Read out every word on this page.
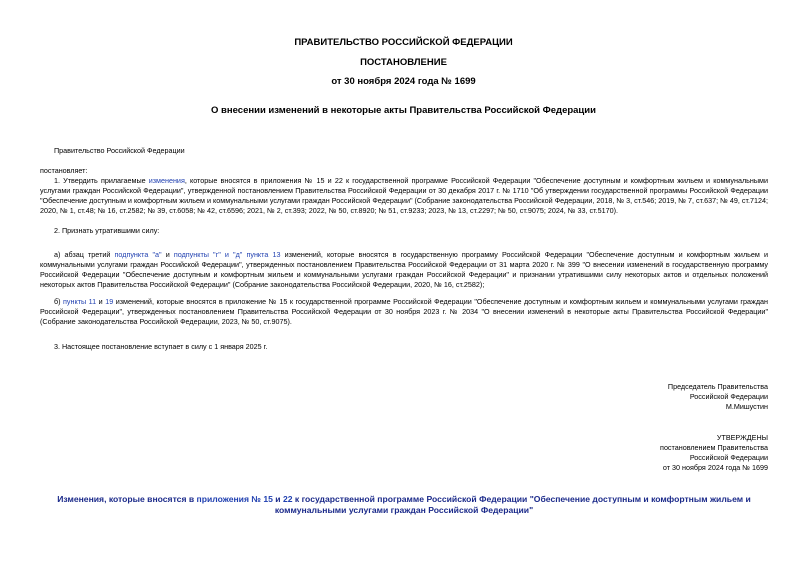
ПРАВИТЕЛЬСТВО РОССИЙСКОЙ ФЕДЕРАЦИИ
ПОСТАНОВЛЕНИЕ
от 30 ноября 2024 года № 1699
О внесении изменений в некоторые акты Правительства Российской Федерации
Правительство Российской Федерации
постановляет:
1. Утвердить прилагаемые изменения, которые вносятся в приложения № 15 и 22 к государственной программе Российской Федерации "Обеспечение доступным и комфортным жильем и коммунальными услугами граждан Российской Федерации", утвержденной постановлением Правительства Российской Федерации от 30 декабря 2017 г. № 1710 "Об утверждении государственной программы Российской Федерации "Обеспечение доступным и комфортным жильем и коммунальными услугами граждан Российской Федерации" (Собрание законодательства Российской Федерации, 2018, № 3, ст.546; 2019, № 7, ст.637; № 49, ст.7124; 2020, № 1, ст.48; № 16, ст.2582; № 39, ст.6058; № 42, ст.6596; 2021, № 2, ст.393; 2022, № 50, ст.8920; № 51, ст.9233; 2023, № 13, ст.2297; № 50, ст.9075; 2024, № 33, ст.5170).
2. Признать утратившими силу:
а) абзац третий подпункта "а" и подпункты "г" и "д" пункта 13 изменений, которые вносятся в государственную программу Российской Федерации "Обеспечение доступным и комфортным жильем и коммунальными услугами граждан Российской Федерации", утвержденных постановлением Правительства Российской Федерации от 31 марта 2020 г. № 399 "О внесении изменений в государственную программу Российской Федерации "Обеспечение доступным и комфортным жильем и коммунальными услугами граждан Российской Федерации" и признании утратившими силу некоторых актов и отдельных положений некоторых актов Правительства Российской Федерации" (Собрание законодательства Российской Федерации, 2020, № 16, ст.2582);
б) пункты 11 и 19 изменений, которые вносятся в приложение № 15 к государственной программе Российской Федерации "Обеспечение доступным и комфортным жильем и коммунальными услугами граждан Российской Федерации", утвержденных постановлением Правительства Российской Федерации от 30 ноября 2023 г. № 2034 "О внесении изменений в некоторые акты Правительства Российской Федерации" (Собрание законодательства Российской Федерации, 2023, № 50, ст.9075).
3. Настоящее постановление вступает в силу с 1 января 2025 г.
Председатель Правительства
Российской Федерации
М.Мишустин
УТВЕРЖДЕНЫ
постановлением Правительства
Российской Федерации
от 30 ноября 2024 года № 1699
Изменения, которые вносятся в приложения № 15 и 22 к государственной программе Российской Федерации "Обеспечение доступным и комфортным жильем и коммунальными услугами граждан Российской Федерации"
